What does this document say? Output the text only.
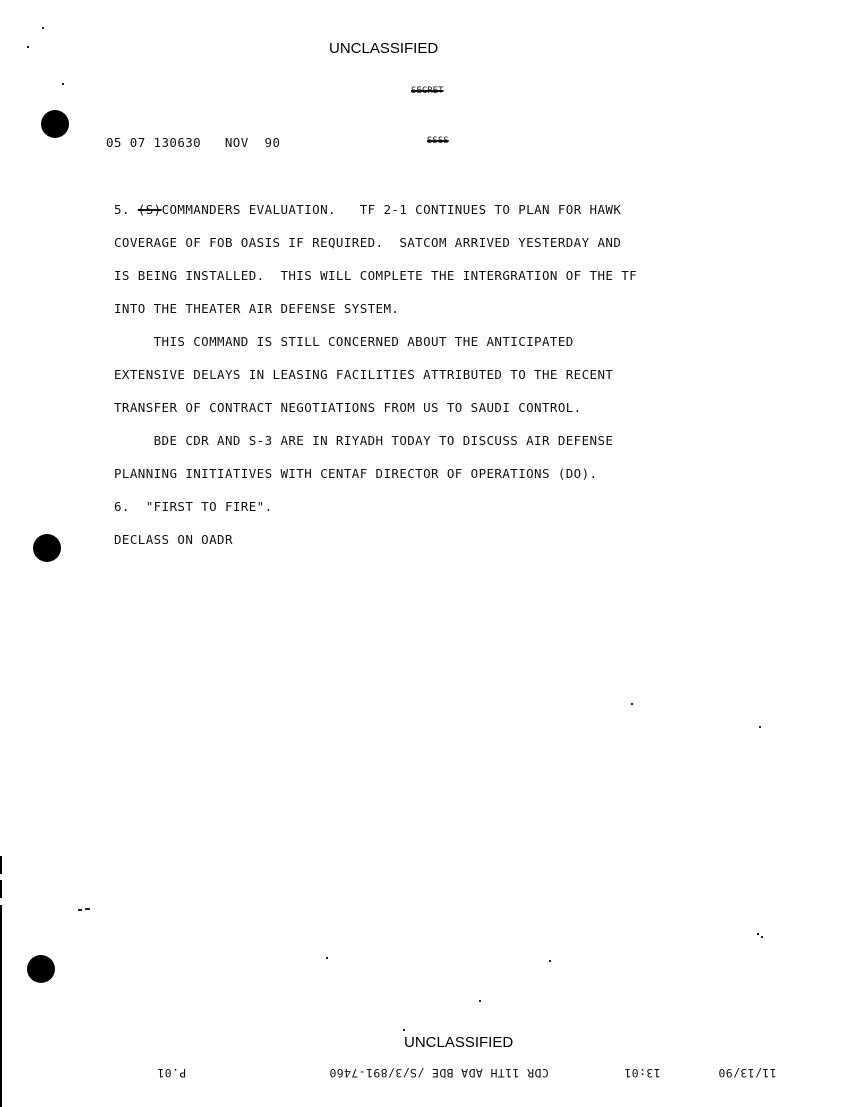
UNCLASSIFIED
UNCLASSIFIED
SECRET
SSSS
05 07 130630   NOV  90
5. (S)COMMANDERS EVALUATION.   TF 2-1 CONTINUES TO PLAN FOR HAWK
COVERAGE OF FOB OASIS IF REQUIRED.  SATCOM ARRIVED YESTERDAY AND
IS BEING INSTALLED.  THIS WILL COMPLETE THE INTERGRATION OF THE TF
INTO THE THEATER AIR DEFENSE SYSTEM.
THIS COMMAND IS STILL CONCERNED ABOUT THE ANTICIPATED
EXTENSIVE DELAYS IN LEASING FACILITIES ATTRIBUTED TO THE RECENT
TRANSFER OF CONTRACT NEGOTIATIONS FROM US TO SAUDI CONTROL.
BDE CDR AND S-3 ARE IN RIYADH TODAY TO DISCUSS AIR DEFENSE
PLANNING INITIATIVES WITH CENTAF DIRECTOR OF OPERATIONS (DO).
6.  "FIRST TO FIRE".
DECLASS ON OADR
P.01	CDR 11TH ADA BDE /S/3/891-7460	13:01	11/13/90
